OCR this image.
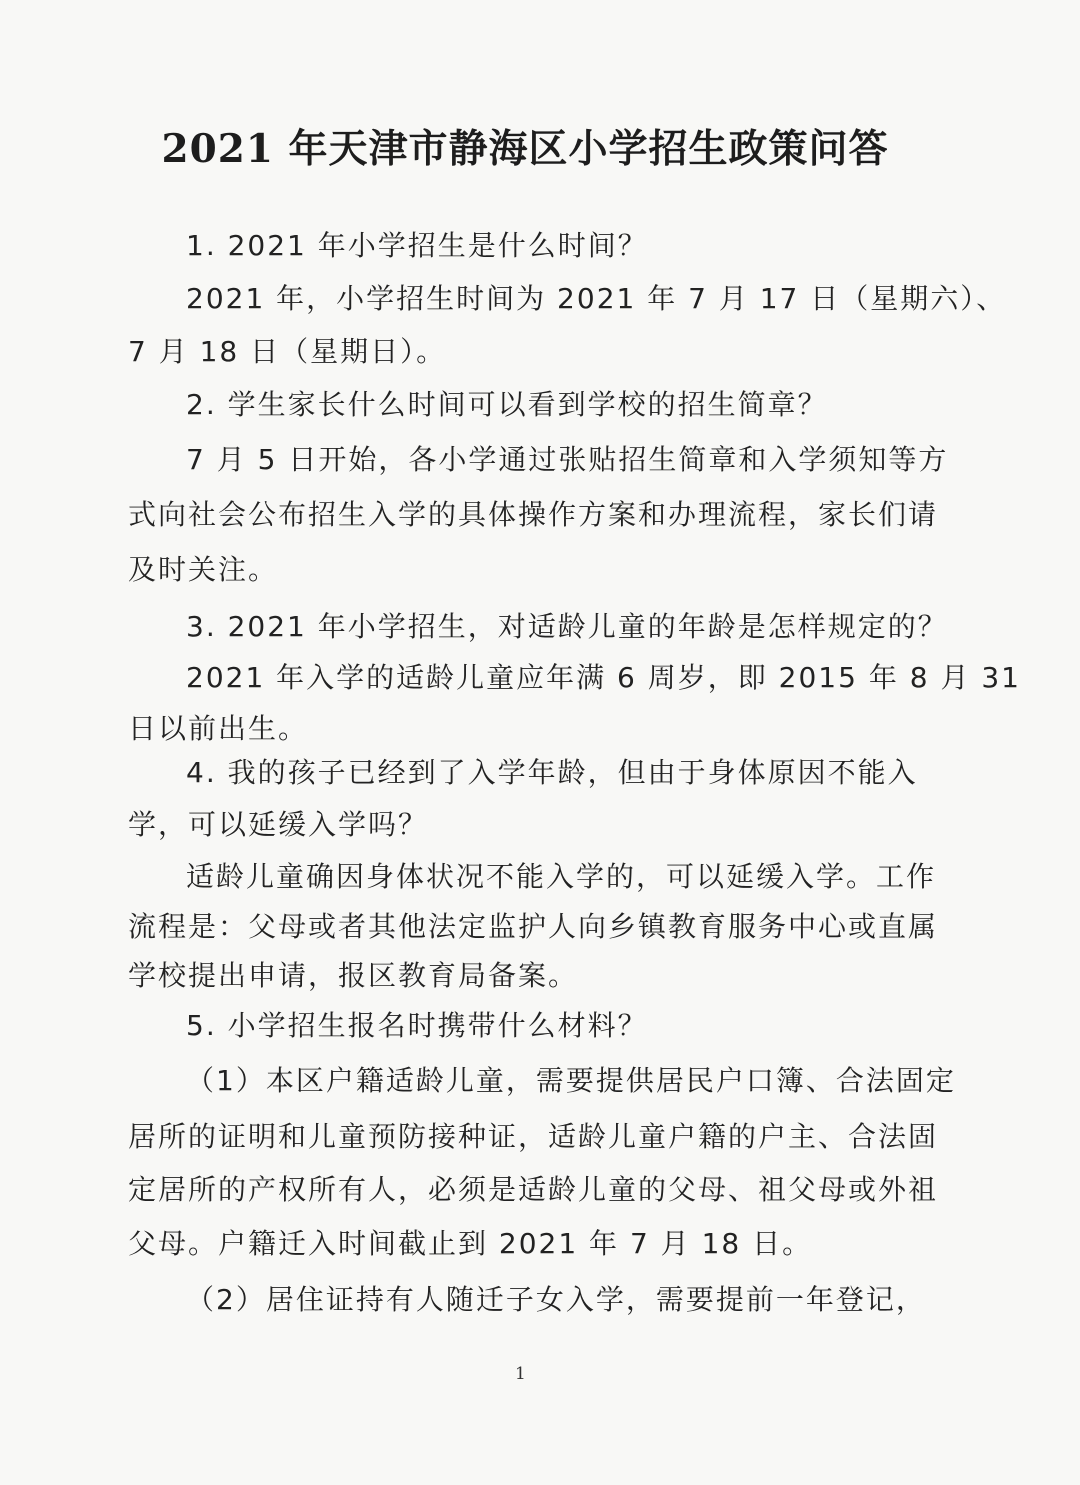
2021 年天津市静海区小学招生政策问答
1. 2021 年小学招生是什么时间？
2021 年，小学招生时间为 2021 年 7 月 17 日（星期六）、
7 月 18 日（星期日）。
2. 学生家长什么时间可以看到学校的招生简章？
7 月 5 日开始，各小学通过张贴招生简章和入学须知等方
式向社会公布招生入学的具体操作方案和办理流程，家长们请
及时关注。
3. 2021 年小学招生，对适龄儿童的年龄是怎样规定的？
2021 年入学的适龄儿童应年满 6 周岁，即 2015 年 8 月 31
日以前出生。
4. 我的孩子已经到了入学年龄，但由于身体原因不能入
学，可以延缓入学吗？
适龄儿童确因身体状况不能入学的，可以延缓入学。工作
流程是：父母或者其他法定监护人向乡镇教育服务中心或直属
学校提出申请，报区教育局备案。
5. 小学招生报名时携带什么材料？
（1）本区户籍适龄儿童，需要提供居民户口簿、合法固定
居所的证明和儿童预防接种证，适龄儿童户籍的户主、合法固
定居所的产权所有人，必须是适龄儿童的父母、祖父母或外祖
父母。户籍迁入时间截止到 2021 年 7 月 18 日。
（2）居住证持有人随迁子女入学，需要提前一年登记，
1
